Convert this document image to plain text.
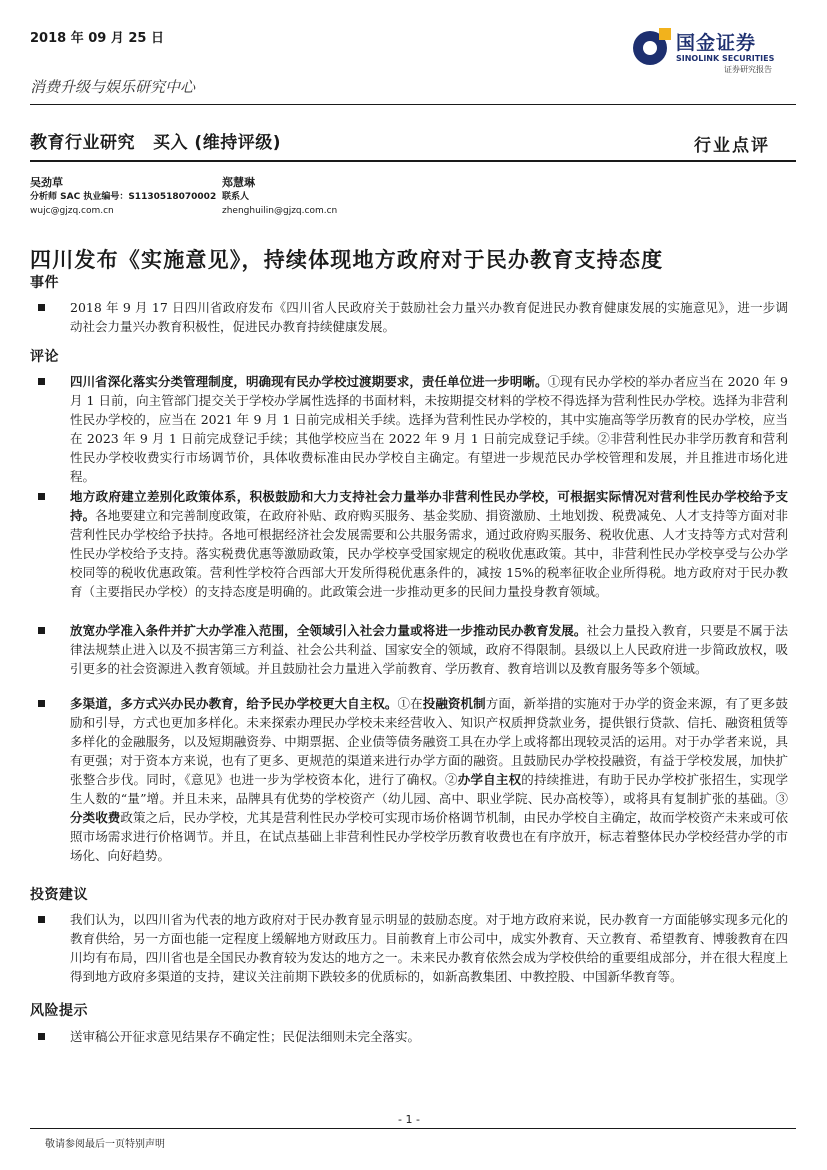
2018 年 09 月 25 日
消费升级与娱乐研究中心
国金证券
SINOLINK SECURITIES
证券研究报告
教育行业研究 买入 (维持评级)	行业点评
吴劲草
分析师 SAC 执业编号：S1130518070002
wujc@gjzq.com.cn
郑慧琳
联系人
zhenghuilin@gjzq.com.cn
四川发布《实施意见》，持续体现地方政府对于民办教育支持态度
事件
2018 年 9 月 17 日四川省政府发布《四川省人民政府关于鼓励社会力量兴办教育促进民办教育健康发展的实施意见》，进一步调动社会力量兴办教育积极性，促进民办教育持续健康发展。
评论
四川省深化落实分类管理制度，明确现有民办学校过渡期要求，责任单位进一步明晰。①现有民办学校的举办者应当在 2020 年 9 月 1 日前，向主管部门提交关于学校办学属性选择的书面材料，未按期提交材料的学校不得选择为营利性民办学校。选择为非营利性民办学校的，应当在 2021 年 9 月 1 日前完成相关手续。选择为营利性民办学校的，其中实施高等学历教育的民办学校，应当在 2023 年 9 月 1 日前完成登记手续；其他学校应当在 2022 年 9 月 1 日前完成登记手续。②非营利性民办非学历教育和营利性民办学校收费实行市场调节价，具体收费标准由民办学校自主确定。有望进一步规范民办学校管理和发展，并且推进市场化进程。
地方政府建立差别化政策体系，积极鼓励和大力支持社会力量举办非营利性民办学校，可根据实际情况对营利性民办学校给予支持。各地要建立和完善制度政策，在政府补贴、政府购买服务、基金奖励、捐资激励、土地划拨、税费减免、人才支持等方面对非营利性民办学校给予扶持。各地可根据经济社会发展需要和公共服务需求，通过政府购买服务、税收优惠、人才支持等方式对营利性民办学校给予支持。落实税费优惠等激励政策，民办学校享受国家规定的税收优惠政策。其中，非营利性民办学校享受与公办学校同等的税收优惠政策。营利性学校符合西部大开发所得税优惠条件的，减按 15%的税率征收企业所得税。地方政府对于民办教育（主要指民办学校）的支持态度是明确的。此政策会进一步推动更多的民间力量投身教育领域。
放宽办学准入条件并扩大办学准入范围，全领域引入社会力量或将进一步推动民办教育发展。社会力量投入教育，只要是不属于法律法规禁止进入以及不损害第三方利益、社会公共利益、国家安全的领域，政府不得限制。县级以上人民政府进一步简政放权，吸引更多的社会资源进入教育领域。并且鼓励社会力量进入学前教育、学历教育、教育培训以及教育服务等多个领域。
多渠道，多方式兴办民办教育，给予民办学校更大自主权。①在投融资机制方面，新举措的实施对于办学的资金来源，有了更多鼓励和引导，方式也更加多样化。未来探索办理民办学校未来经营收入、知识产权质押贷款业务，提供银行贷款、信托、融资租赁等多样化的金融服务，以及短期融资券、中期票据、企业债等债务融资工具在办学上或将都出现较灵活的运用。对于办学者来说，具有更强；对于资本方来说，也有了更多、更规范的渠道来进行办学方面的融资。且鼓励民办学校投融资，有益于学校发展，加快扩张整合步伐。同时，《意见》也进一步为学校资本化，进行了确权。②办学自主权的持续推进，有助于民办学校扩张招生，实现学生人数的“量”增。并且未来，品牌具有优势的学校资产（幼儿园、高中、职业学院、民办高校等），或将具有复制扩张的基础。③分类收费政策之后，民办学校，尤其是营利性民办学校可实现市场价格调节机制，由民办学校自主确定，故而学校资产未来或可依照市场需求进行价格调节。并且，在试点基础上非营利性民办学校学历教育收费也在有序放开，标志着整体民办学校经营办学的市场化、向好趋势。
投资建议
我们认为，以四川省为代表的地方政府对于民办教育显示明显的鼓励态度。对于地方政府来说，民办教育一方面能够实现多元化的教育供给，另一方面也能一定程度上缓解地方财政压力。目前教育上市公司中，成实外教育、天立教育、希望教育、博骏教育在四川均有布局，四川省也是全国民办教育较为发达的地方之一。未来民办教育依然会成为学校供给的重要组成部分，并在很大程度上得到地方政府多渠道的支持，建议关注前期下跌较多的优质标的，如新高教集团、中教控股、中国新华教育等。
风险提示
送审稿公开征求意见结果存不确定性；民促法细则未完全落实。
- 1 -
敬请参阅最后一页特别声明
